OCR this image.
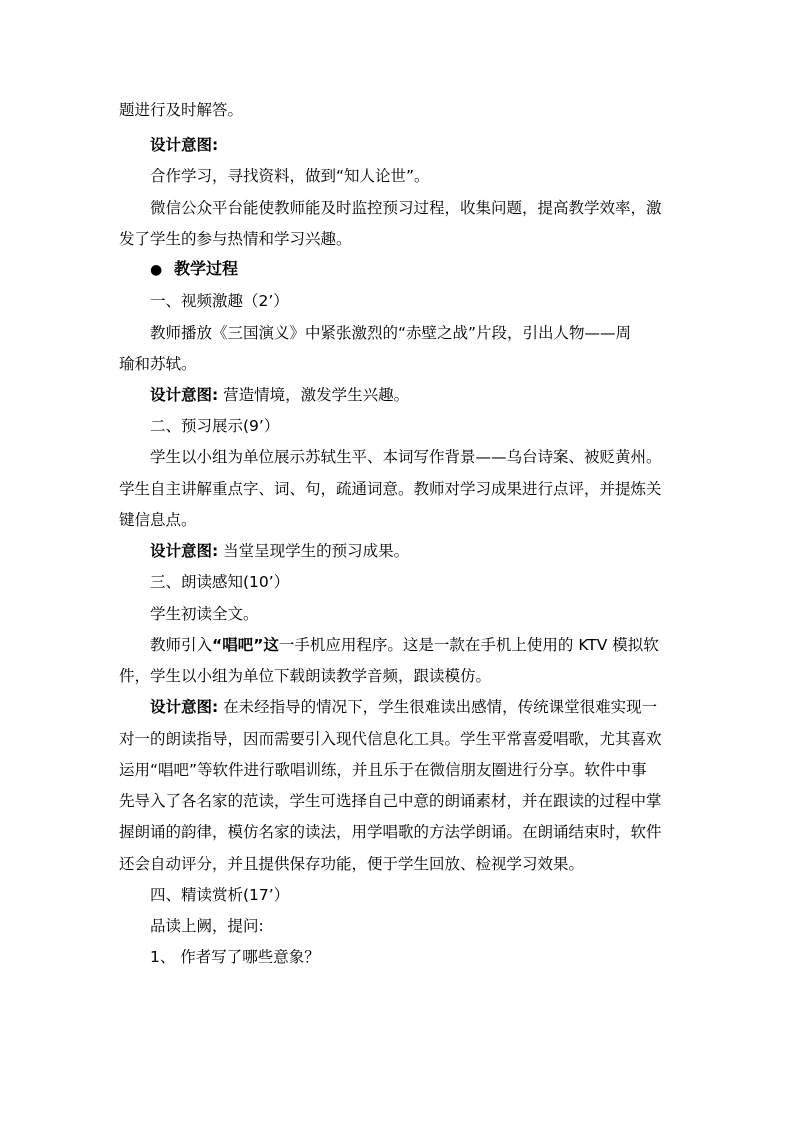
题进行及时解答。
设计意图:
合作学习，寻找资料，做到“知人论世”。
微信公众平台能使教师能及时监控预习过程，收集问题，提高教学效率，激
发了学生的参与热情和学习兴趣。
● 教学过程
一、视频激趣（2’）
教师播放《三国演义》中紧张激烈的“赤壁之战”片段，引出人物——周
瑜和苏轼。
设计意图: 营造情境，激发学生兴趣。
二、预习展示(9’）
学生以小组为单位展示苏轼生平、本词写作背景——乌台诗案、被贬黄州。
学生自主讲解重点字、词、句，疏通词意。教师对学习成果进行点评，并提炼关
键信息点。
设计意图: 当堂呈现学生的预习成果。
三、朗读感知(10’）
学生初读全文。
教师引入“唱吧”这一手机应用程序。这是一款在手机上使用的 KTV 模拟软
件，学生以小组为单位下载朗读教学音频，跟读模仿。
设计意图: 在未经指导的情况下，学生很难读出感情，传统课堂很难实现一
对一的朗读指导，因而需要引入现代信息化工具。学生平常喜爱唱歌，尤其喜欢
运用“唱吧”等软件进行歌唱训练，并且乐于在微信朋友圈进行分享。软件中事
先导入了各名家的范读，学生可选择自己中意的朗诵素材，并在跟读的过程中掌
握朗诵的韵律，模仿名家的读法，用学唱歌的方法学朗诵。在朗诵结束时，软件
还会自动评分，并且提供保存功能，便于学生回放、检视学习效果。
四、精读赏析(17’）
品读上阙，提问:
1、 作者写了哪些意象？
